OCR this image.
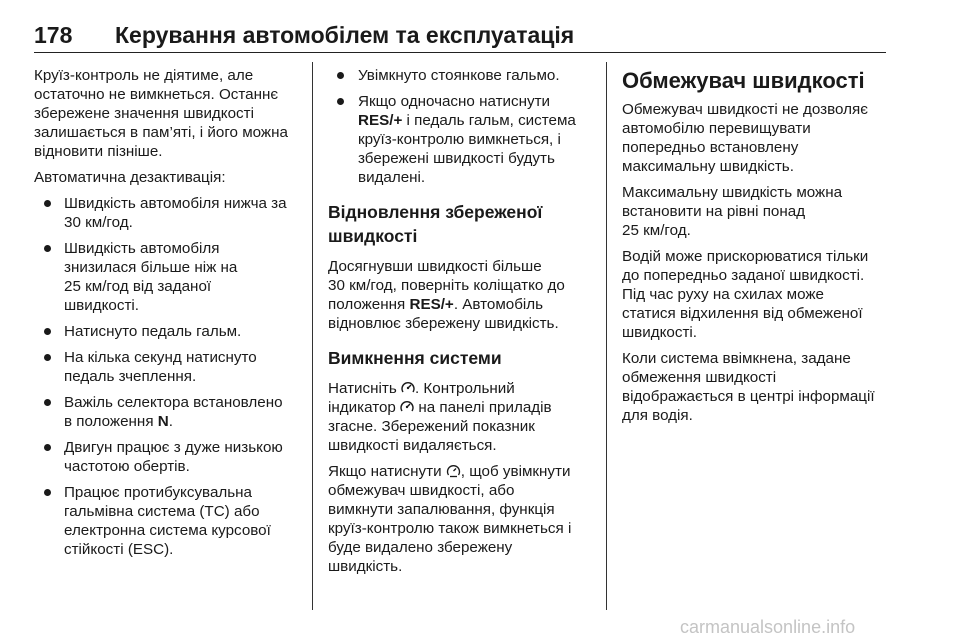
178 Керування автомобілем та експлуатація

Круїз-контроль не діятиме, але
остаточно не вимкнеться. Останнє
збережене значення швидкості
залишається в пам’яті, і його можна
відновити пізніше.

Автоматична дезактивація:

Швидкість автомобіля нижча за
30 км/год.
Швидкість автомобіля
знизилася більше ніж на
25 км/год від заданої
швидкості.
Натиснуто педаль гальм.
На кілька секунд натиснуто
педаль зчеплення.
Важіль селектора встановлено
в положення N.
Двигун працює з дуже низькою
частотою обертів.
Працює протибуксувальна
гальмівна система (TC) або
електронна система курсової
стійкості (ESC).
Увімкнуто стоянкове гальмо.
Якщо одночасно натиснути
RES/+ і педаль гальм, система
круїз-контролю вимкнеться, і
збережені швидкості будуть
видалені.
Відновлення збереженої
швидкості

Досягнувши швидкості більше
30 км/год, поверніть коліщатко до
положення RES/+. Автомобіль
відновлює збережену швидкість.

Вимкнення системи

Натисніть . Контрольний
індикатор  на панелі приладів
згасне. Збережений показник
швидкості видаляється.

Якщо натиснути , щоб увімкнути
обмежувач швидкості, або
вимкнути запалювання, функція
круїз-контролю також вимкнеться і
буде видалено збережену
швидкість.

Обмежувач швидкості

Обмежувач швидкості не дозволяє
автомобілю перевищувати
попередньо встановлену
максимальну швидкість.

Максимальну швидкість можна
встановити на рівні понад
25 км/год.

Водій може прискорюватися тільки
до попередньо заданої швидкості.
Під час руху на схилах може
статися відхилення від обмеженої
швидкості.

Коли система ввімкнена, задане
обмеження швидкості
відображається в центрі інформації
для водія.

carmanualsonline.info
